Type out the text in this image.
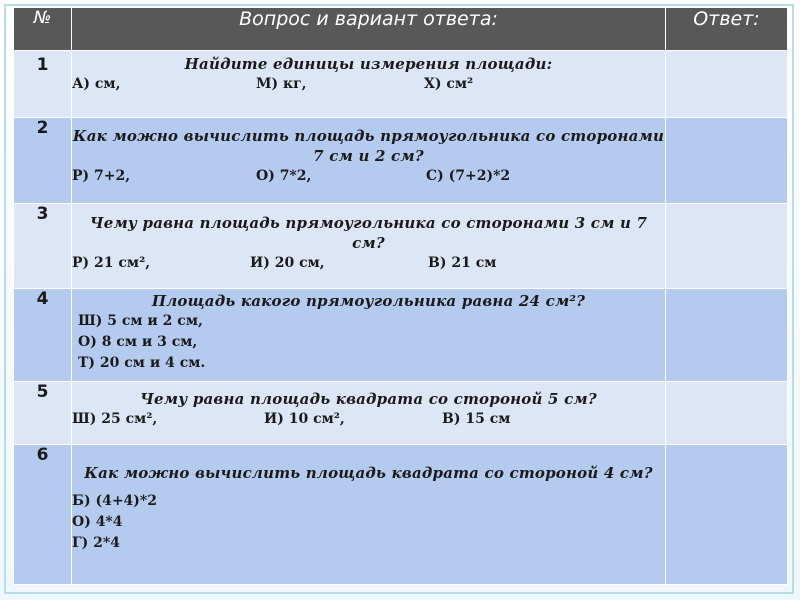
№	Вопрос и вариант ответа:	Ответ:
1	Найдите единицы измерения площади:
А) см, М) кг, Х) см²	

2	Как можно вычислить площадь прямоугольника со сторонами 7 см и 2 см?
Р) 7+2, О) 7*2, С) (7+2)*2	

3	Чему равна площадь прямоугольника со сторонами 3 см и 7 см?
Р) 21 см², И) 20 см, В) 21 см	

4	Площадь какого прямоугольника равна 24 см²?
Ш) 5 см и 2 см,
О) 8 см и 3 см,
Т) 20 см и 4 см.	

5	Чему равна площадь квадрата со стороной 5 см?
Ш) 25 см², И) 10 см², В) 15 см	

6	Как можно вычислить площадь квадрата со стороной 4 см?
Б) (4+4)*2
О) 4*4
Г) 2*4	
